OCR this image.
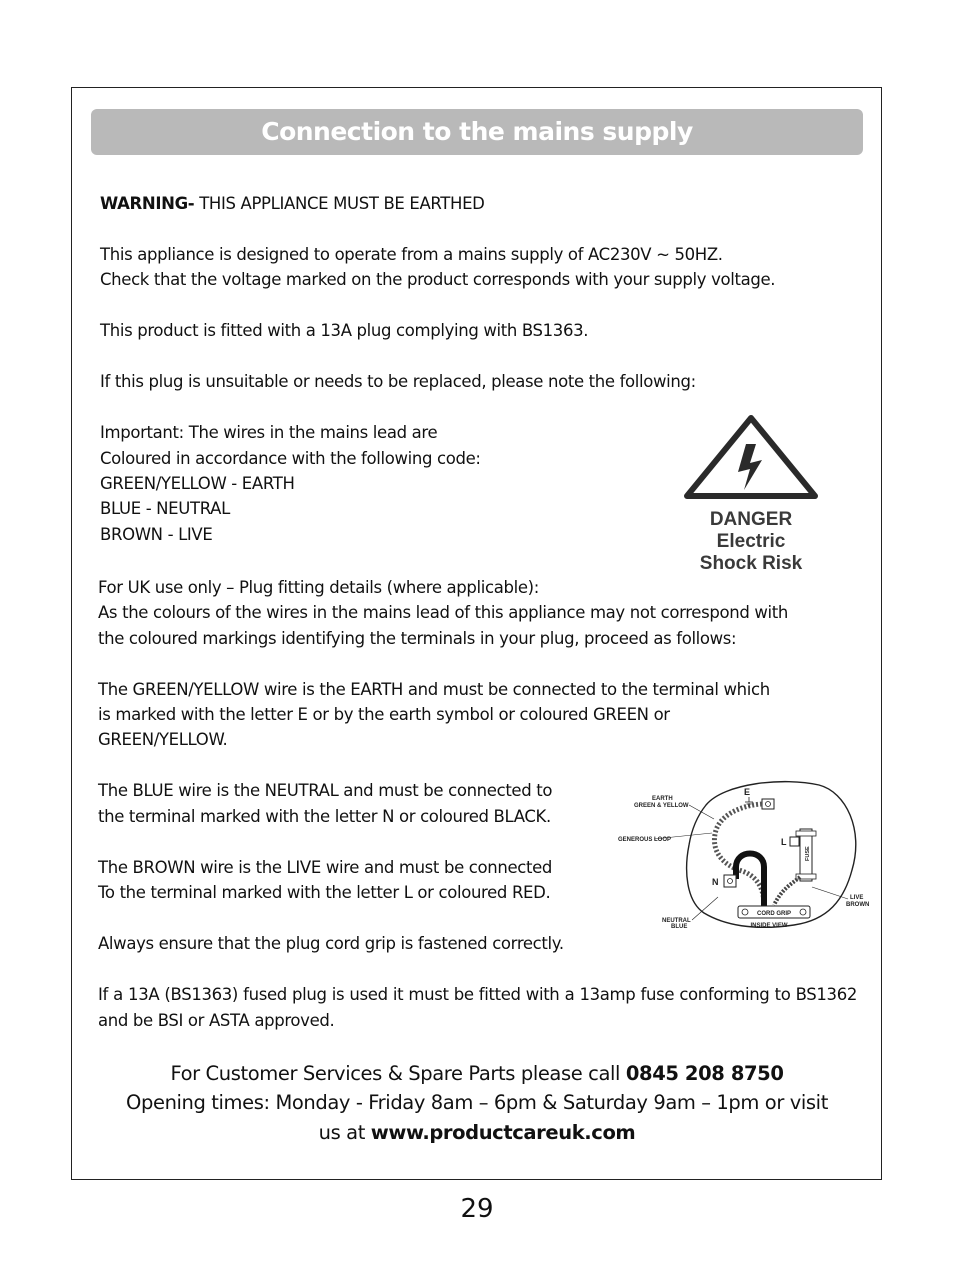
Connection to the mains supply
WARNING- THIS APPLIANCE MUST BE EARTHED
This appliance is designed to operate from a mains supply of AC230V ~ 50HZ.
Check that the voltage marked on the product corresponds with your supply voltage.
This product is fitted with a 13A plug complying with BS1363.
If this plug is unsuitable or needs to be replaced, please note the following:
Important: The wires in the mains lead are
Coloured in accordance with the following code:
GREEN/YELLOW - EARTH
BLUE - NEUTRAL
BROWN - LIVE
DANGER
Electric
Shock Risk
For UK use only – Plug fitting details (where applicable):
As the colours of the wires in the mains lead of this appliance may not correspond with
the coloured markings identifying the terminals in your plug, proceed as follows:
The GREEN/YELLOW wire is the EARTH and must be connected to the terminal which
is marked with the letter E or by the earth symbol or coloured GREEN or
GREEN/YELLOW.
The BLUE wire is the NEUTRAL and must be connected to
the terminal marked with the letter N or coloured BLACK.
The BROWN wire is the LIVE wire and must be connected
To the terminal marked with the letter L or coloured RED.
Always ensure that the plug cord grip is fastened correctly.
If a 13A (BS1363) fused plug is used it must be fitted with a 13amp fuse conforming to BS1362 and be BSI or ASTA approved.
EARTH
GREEN & YELLOW
GENEROUS LOOP
NEUTRAL
BLUE
LIVE
BROWN
CORD GRIP
INSIDE VIEW
FUSE
E
L
N
For Customer Services & Spare Parts please call 0845 208 8750
Opening times: Monday - Friday 8am – 6pm & Saturday 9am – 1pm or visit
us at www.productcareuk.com
29
